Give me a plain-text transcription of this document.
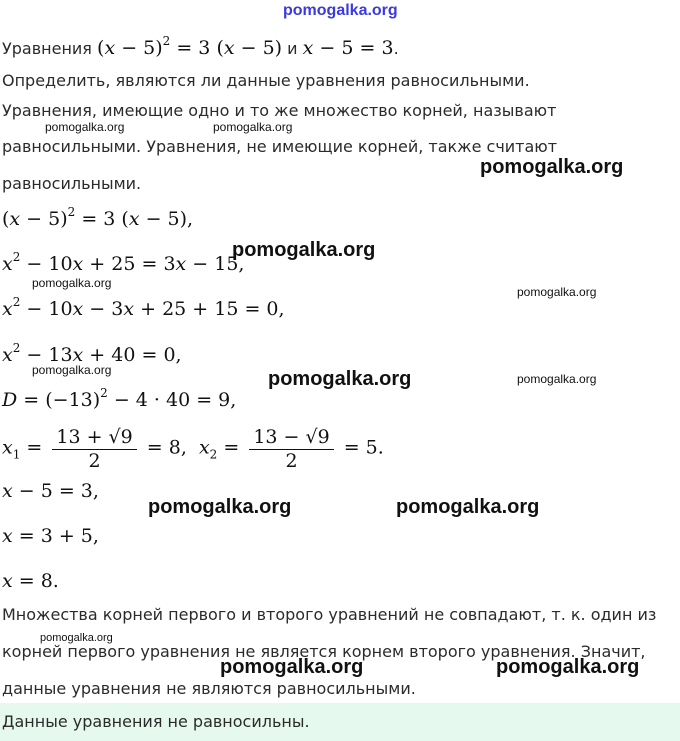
pomogalka.org
Уравнения $(x - 5)^2 = 3$ (x − 5) и x − 5 = 3.
Определить, являются ли данные уравнения равносильными.
Уравнения, имеющие одно и то же множество корней, называют
равносильными. Уравнения, не имеющие корней, также считают
равносильными.
$(x - 5)^2 = 3$ (x − 5),
$x^2 - 10x + 25 = 3x - 15$,
$x^2 - 10x - 3x + 25 + 15 = 0$,
$x^2 - 13x + 40 = 0$,
$D = (-13)^2 - 4 \cdot 40 = 9$,
$x_1 = \frac{13 + √9}{2} = 8$,  $x_2 = \frac{13 - √9}{2} = 5$.
x − 5 = 3,
x = 3 + 5,
x = 8.
Множества корней первого и второго уравнений не совпадают, т. к. один из
корней первого уравнения не является корнем второго уравнения. Значит,
данные уравнения не являются равносильными.
Данные уравнения не равносильны.
pomogalka.org	pomogalka.org
pomogalka.org
pomogalka.org
pomogalka.org
pomogalka.org
pomogalka.org	pomogalka.org	pomogalka.org
pomogalka.org	pomogalka.org
pomogalka.org
pomogalka.org	pomogalka.org
